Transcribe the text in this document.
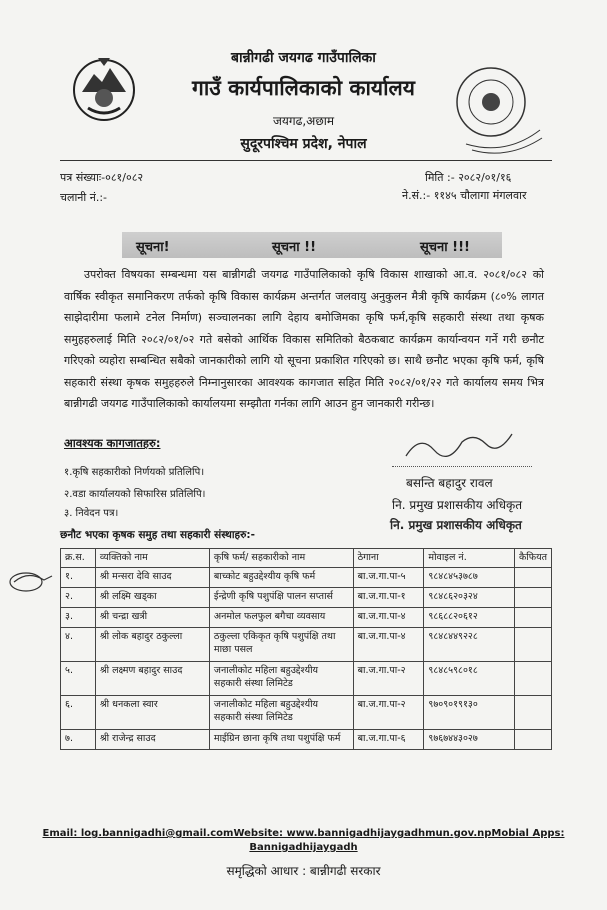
बान्नीगढी जयगढ गाउँपालिका
गाउँ कार्यपालिकाको कार्यालय
जयगढ,अछाम
सुदूरपश्चिम प्रदेश, नेपाल
पत्र संख्याः-०८१/०८२
चलानी नं.:-
मिति :- २०८२/०१/१६
ने.सं.:- ११४५ चौलागा मंगलवार
सूचना!	सूचना !!	सूचना !!!
उपरोक्त विषयका सम्बन्धमा यस बान्नीगढी जयगढ गाउँपालिकाको कृषि विकास शाखाको आ.व. २०८१/०८२ को वार्षिक स्वीकृत समानिकरण तर्फको कृषि विकास कार्यक्रम अन्तर्गत जलवायु अनुकुलन मैत्री कृषि कार्यक्रम (८०% लागत साझेदारीमा फलामे टनेल निर्माण) सञ्चालनका लागि देहाय बमोजिमका कृषि फर्म,कृषि सहकारी संस्था तथा कृषक समुहहरुलाई मिति २०८२/०१/०२ गते बसेको आर्थिक विकास समितिको बैठकबाट कार्यक्रम कार्यान्वयन गर्ने गरी छनौट गरिएको व्यहोरा सम्बन्धित सबैको जानकारीको लागि यो सूचना प्रकाशित गरिएको छ। साथै छनौट भएका कृषि फर्म, कृषि सहकारी संस्था कृषक समुहहरुले निम्नानुसारका आवश्यक कागजात सहित मिति २०८२/०१/२२ गते कार्यालय समय भित्र बान्नीगढी जयगढ गाउँपालिकाको कार्यालयमा सम्झौता गर्नका लागि आउन हुन जानकारी गरीन्छ।
आवश्यक कागजातहरु:
१.कृषि सहकारीको निर्णयको प्रतिलिपि।
२.वडा कार्यालयको सिफारिस प्रतिलिपि।
३. निवेदन पत्र।
बसन्ति बहादुर रावल
नि. प्रमुख प्रशासकीय अधिकृत
नि. प्रमुख प्रशासकीय अधिकृत
छनौट भएका कृषक समुह तथा सहकारी संस्थाहरु:-
क्र.स.	व्यक्तिको नाम	कृषि फर्म/ सहकारीको नाम	ठेगाना	मोवाइल नं.	कैफियत
१.	श्री मन्सरा देवि साउद	बाच्कोट बहुउद्देश्यीय कृषि फर्म	बा.ज.गा.पा-५	९८४८४५३७८७	
२.	श्री लक्ष्मि खड्का	ईन्द्रेणी कृषि पशुपंक्षि पालन सप्तार्स	बा.ज.गा.पा-१	९८४८६२०३२४	
३.	श्री चन्द्रा खत्री	अनमोल फलफुल बगैचा व्यवसाय	बा.ज.गा.पा-४	९८६८८२०६१२	
४.	श्री लोक बहादुर ठकुल्ला	ठकुल्ला एकिकृत कृषि पशुपंक्षि तथा माछा पसल	बा.ज.गा.पा-४	९८४८४४९२२८	
५.	श्री लक्ष्मण बहादुर साउद	जनालीकोट महिला बहुउद्देश्यीय सहकारी संस्था लिमिटेड	बा.ज.गा.पा-२	९८४८५९८०१८	
६.	श्री धनकला स्वार	जनालीकोट महिला बहुउद्देश्यीय सहकारी संस्था लिमिटेड	बा.ज.गा.पा-२	९७०९०१९१३०	
७.	श्री राजेन्द्र साउद	माईग्रिन छाना कृषि तथा पशुपंक्षि फर्म	बा.ज.गा.पा-६	९७६७४४३०२७	
Email: log.bannigadhi@gmail.comWebsite: www.bannigadhijaygadhmun.gov.npMobial Apps:
Bannigadhijaygadh
समृद्धिको आधार : बान्नीगढी सरकार
